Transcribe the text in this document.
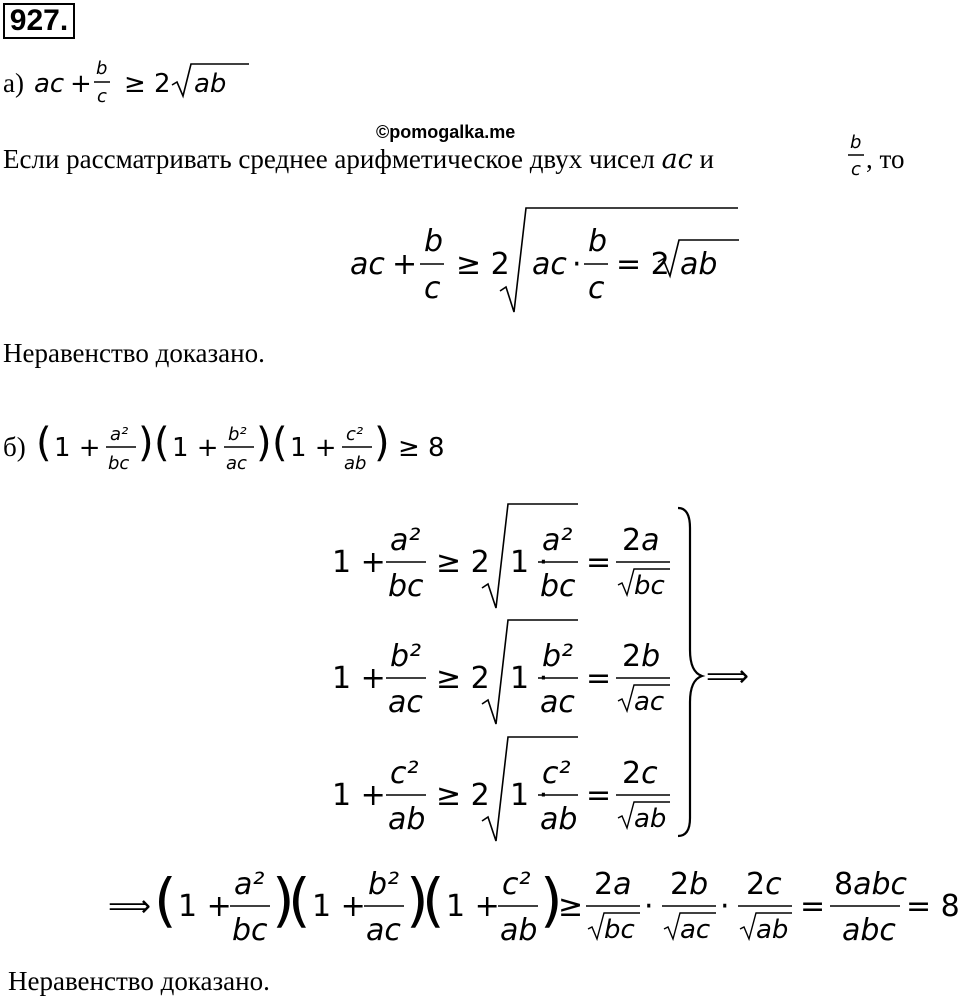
927.
а) ac +
b
c ≥ 2 ab
©pomogalka.me
Если рассматривать среднее арифметическое двух чисел ac и
b
c , то
ac +
b
c
≥ 2 ac ·
b
c
= 2 ab
Неравенство доказано.
б) ( 1 + a²
bc ) ( 1 + b²
ac ) ( 1 + c²
ab ) ≥ 8
1 +
a²
bc
≥ 2 1 ·
a²
bc
=
2a
bc
1 +
b²
ac
≥ 2 1 ·
b²
ac
=
2b
ac
1 +
c²
ab
≥ 2 1 ·
c²
ab
=
2c
ab
⟹
⟹ ( 1 +
a²
bc )
( 1 +
b²
ac )
( 1 +
c²
ab )
≥
2a
bc
·
2b
ac
·
2c
ab
=
8abc
abc
= 8
Неравенство доказано.
